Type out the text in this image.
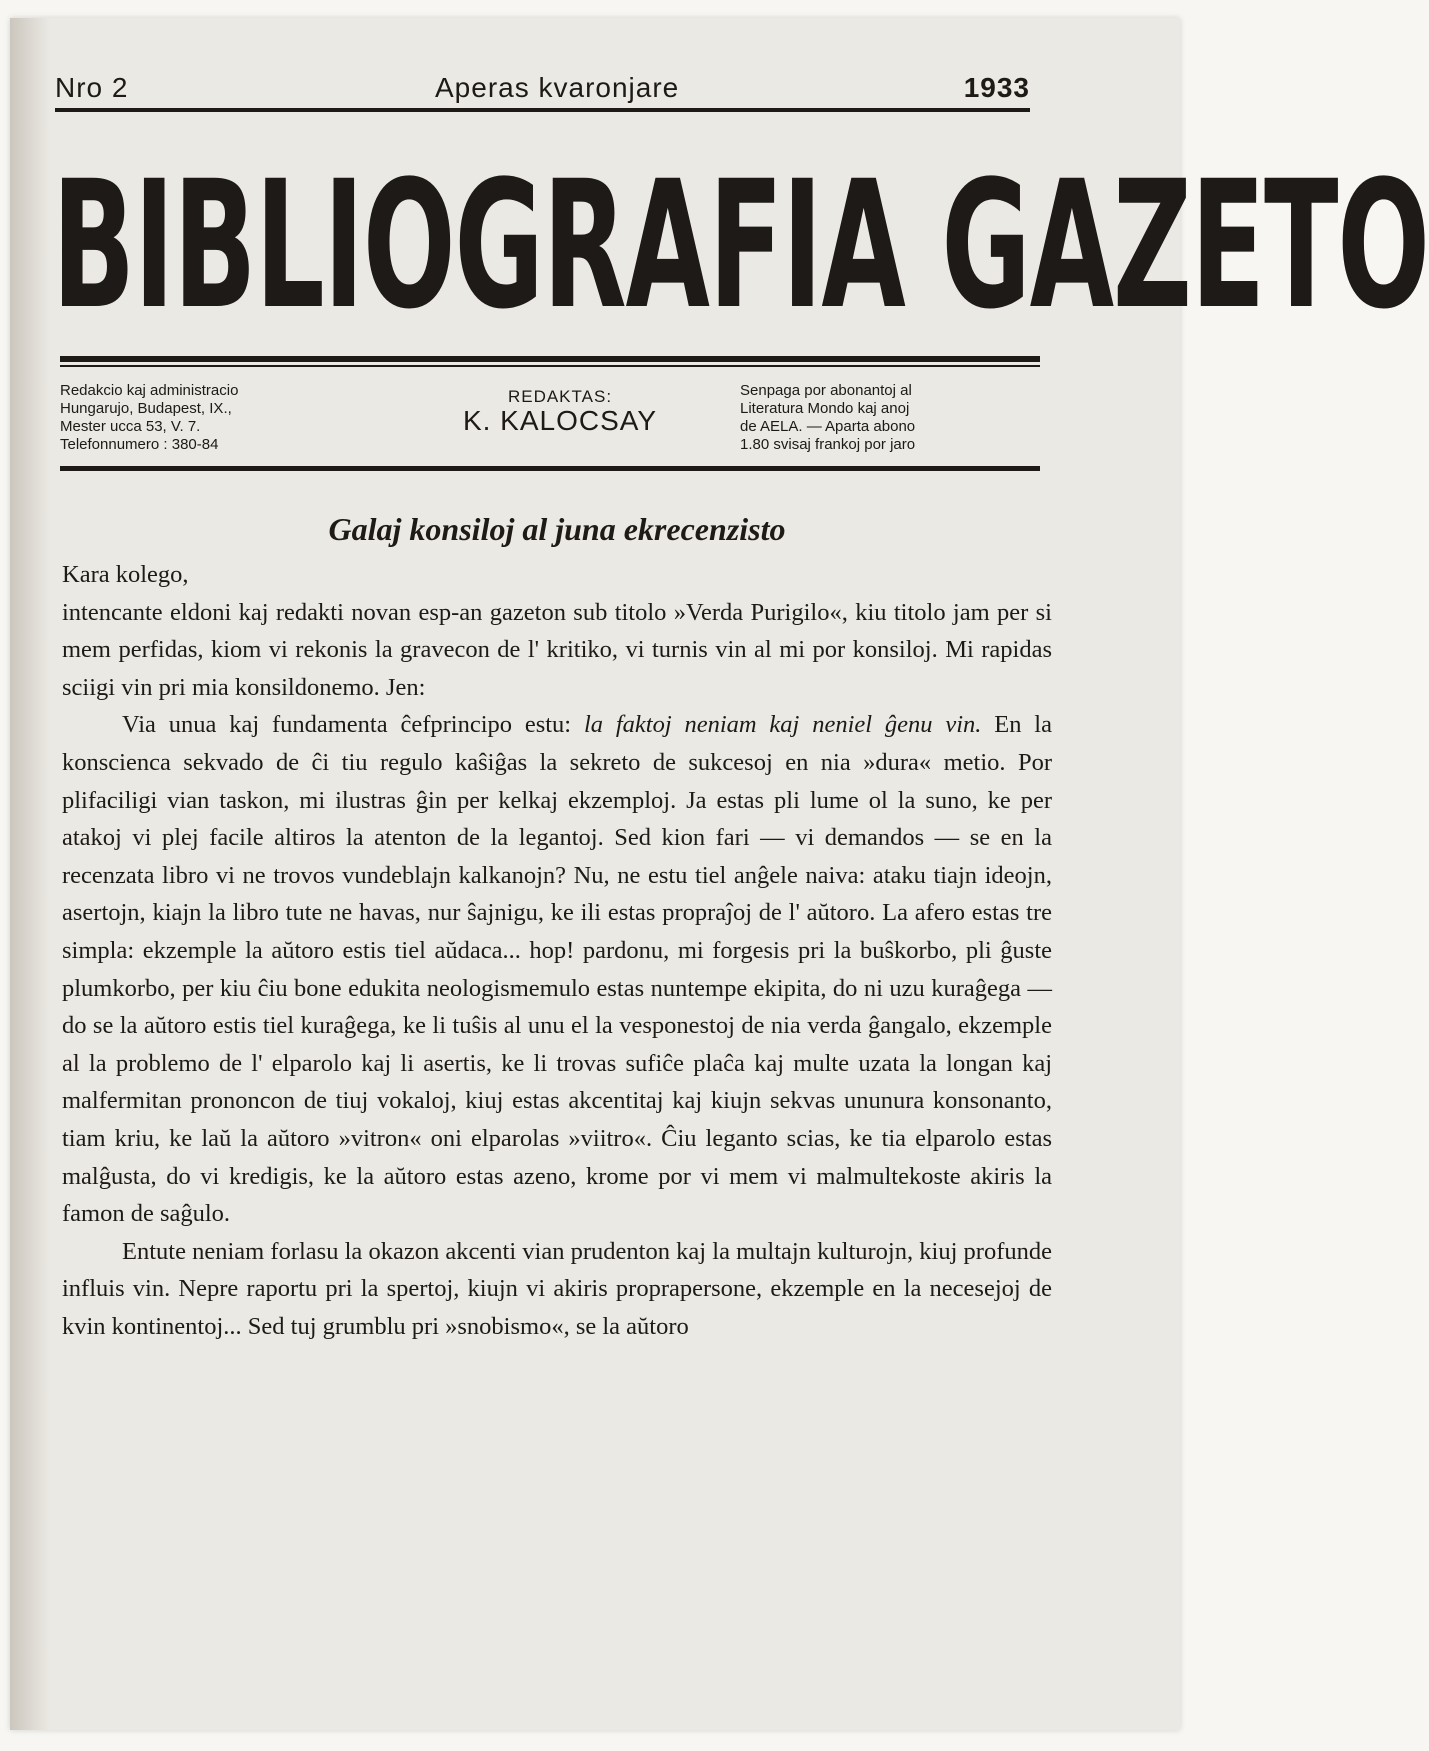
Nro 2	Aperas kvaronjare	1933
BIBLIOGRAFIA GAZETO
Redakcio kaj administracio
Hungarujo, Budapest, IX.,
Mester ucca 53, V. 7.
Telefonnumero : 380-84
REDAKTAS:
K. KALOCSAY
Senpaga por abonantoj al
Literatura Mondo kaj anoj
de AELA. — Aparta abono
1.80 svisaj frankoj por jaro
Galaj konsiloj al juna ekrecenzisto

Kara kolego,

intencante eldoni kaj redakti novan esp-an gazeton sub titolo »Verda Purigilo«, kiu titolo jam per si mem perfidas, kiom vi rekonis la gravecon de l' kritiko, vi turnis vin al mi por konsiloj. Mi rapidas sciigi vin pri mia konsildonemo. Jen:

Via unua kaj fundamenta ĉefprincipo estu: la faktoj neniam kaj neniel ĝenu vin. En la konscienca sekvado de ĉi tiu regulo kaŝiĝas la sekreto de sukcesoj en nia »dura« metio. Por plifaciligi vian taskon, mi ilustras ĝin per kelkaj ekzemploj. Ja estas pli lume ol la suno, ke per atakoj vi plej facile altiros la atenton de la legantoj. Sed kion fari — vi demandos — se en la recenzata libro vi ne trovos vundeblajn kalkanojn? Nu, ne estu tiel anĝele naiva: ataku tiajn ideojn, asertojn, kiajn la libro tute ne havas, nur ŝajnigu, ke ili estas propraĵoj de l' aŭtoro. La afero estas tre simpla: ekzemple la aŭtoro estis tiel aŭdaca... hop! pardonu, mi forgesis pri la buŝkorbo, pli ĝuste plumkorbo, per kiu ĉiu bone edukita neologismemulo estas nuntempe ekipita, do ni uzu kuraĝega — do se la aŭtoro estis tiel kuraĝega, ke li tuŝis al unu el la vesponestoj de nia verda ĝangalo, ekzemple al la problemo de l' elparolo kaj li asertis, ke li trovas sufiĉe plaĉa kaj multe uzata la longan kaj malfermitan prononcon de tiuj vokaloj, kiuj estas akcentitaj kaj kiujn sekvas ununura konsonanto, tiam kriu, ke laŭ la aŭtoro »vitron« oni elparolas »viitro«. Ĉiu leganto scias, ke tia elparolo estas malĝusta, do vi kredigis, ke la aŭtoro estas azeno, krome por vi mem vi malmultekoste akiris la famon de saĝulo.

Entute neniam forlasu la okazon akcenti vian prudenton kaj la multajn kulturojn, kiuj profunde influis vin. Nepre raportu pri la spertoj, kiujn vi akiris proprapersone, ekzemple en la necesejoj de kvin kontinentoj... Sed tuj grumblu pri »snobismo«, se la aŭtoro
